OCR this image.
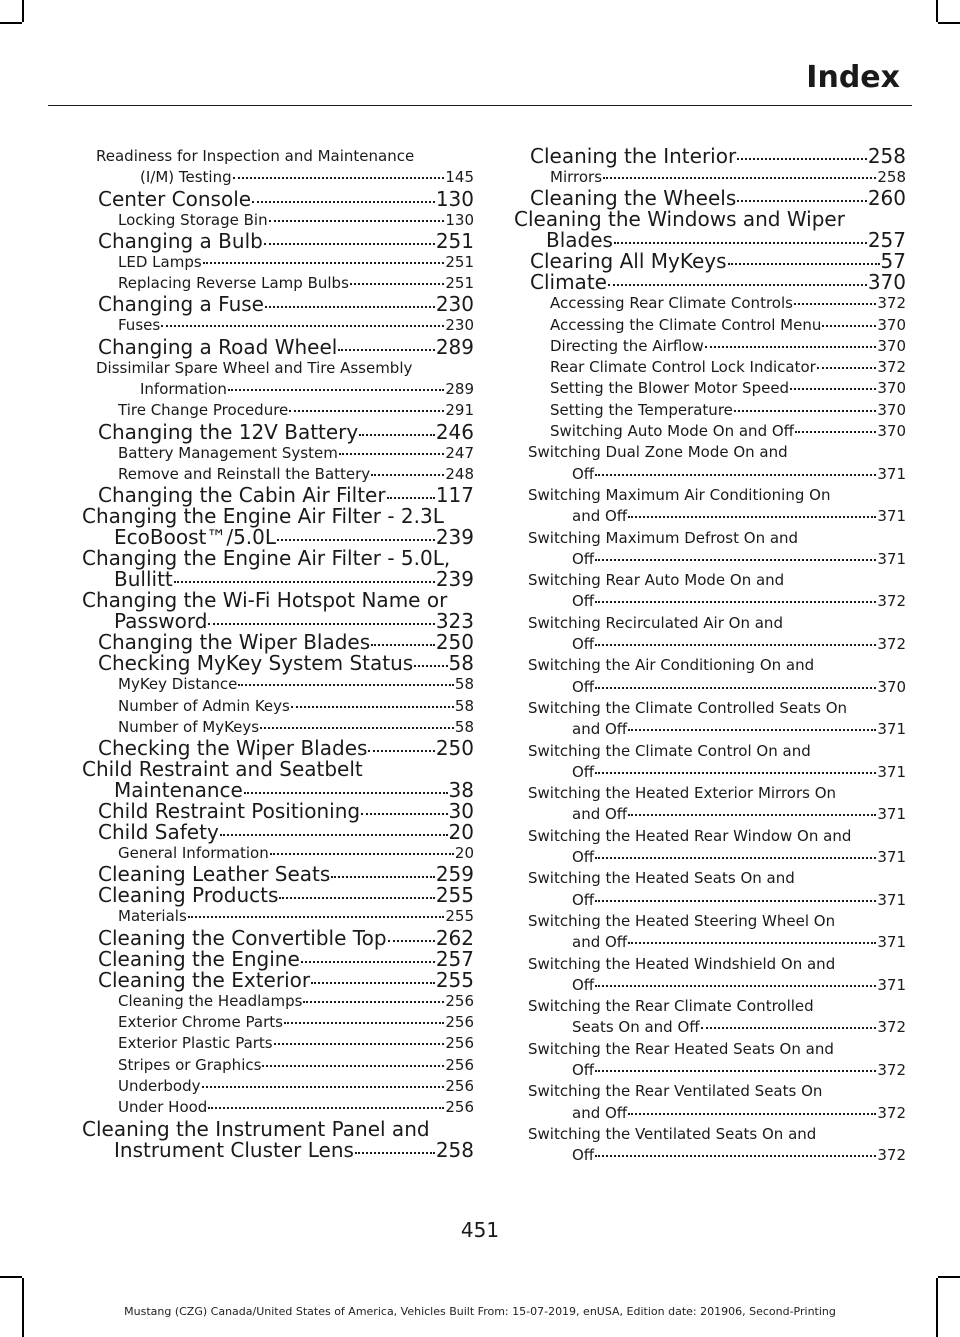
Index
Readiness for Inspection and Maintenance
(I/M) Testing	145
Center Console	130
Locking Storage Bin	130
Changing a Bulb	251
LED Lamps	251
Replacing Reverse Lamp Bulbs	251
Changing a Fuse	230
Fuses	230
Changing a Road Wheel	289
Dissimilar Spare Wheel and Tire Assembly
Information	289
Tire Change Procedure	291
Changing the 12V Battery	246
Battery Management System	247
Remove and Reinstall the Battery	248
Changing the Cabin Air Filter	117
Changing the Engine Air Filter - 2.3L
EcoBoost™/5.0L	239
Changing the Engine Air Filter - 5.0L,
Bullitt	239
Changing the Wi-Fi Hotspot Name or
Password	323
Changing the Wiper Blades	250
Checking MyKey System Status 58
MyKey Distance	58
Number of Admin Keys	58
Number of MyKeys	58
Checking the Wiper Blades	250
Child Restraint and Seatbelt
Maintenance	38
Child Restraint Positioning	30
Child Safety	20
General Information	20
Cleaning Leather Seats	259
Cleaning Products	255
Materials	255
Cleaning the Convertible Top 262
Cleaning the Engine	257
Cleaning the Exterior	255
Cleaning the Headlamps	256
Exterior Chrome Parts	256
Exterior Plastic Parts	256
Stripes or Graphics	256
Underbody	256
Under Hood	256
Cleaning the Instrument Panel and
Instrument Cluster Lens	258
Cleaning the Interior	258
Mirrors	258
Cleaning the Wheels	260
Cleaning the Windows and Wiper
Blades	257
Clearing All MyKeys	57
Climate	370
Accessing Rear Climate Controls	372
Accessing the Climate Control Menu	370
Directing the Airflow	370
Rear Climate Control Lock Indicator	372
Setting the Blower Motor Speed	370
Setting the Temperature	370
Switching Auto Mode On and Off	370
Switching Dual Zone Mode On and
Off	371
Switching Maximum Air Conditioning On
and Off	371
Switching Maximum Defrost On and
Off	371
Switching Rear Auto Mode On and
Off	372
Switching Recirculated Air On and
Off	372
Switching the Air Conditioning On and
Off	370
Switching the Climate Controlled Seats On
and Off	371
Switching the Climate Control On and
Off	371
Switching the Heated Exterior Mirrors On
and Off	371
Switching the Heated Rear Window On and
Off	371
Switching the Heated Seats On and
Off	371
Switching the Heated Steering Wheel On
and Off	371
Switching the Heated Windshield On and
Off	371
Switching the Rear Climate Controlled
Seats On and Off	372
Switching the Rear Heated Seats On and
Off	372
Switching the Rear Ventilated Seats On
and Off	372
Switching the Ventilated Seats On and
Off	372
451
Mustang (CZG) Canada/United States of America, Vehicles Built From: 15-07-2019, enUSA, Edition date: 201906, Second-Printing
